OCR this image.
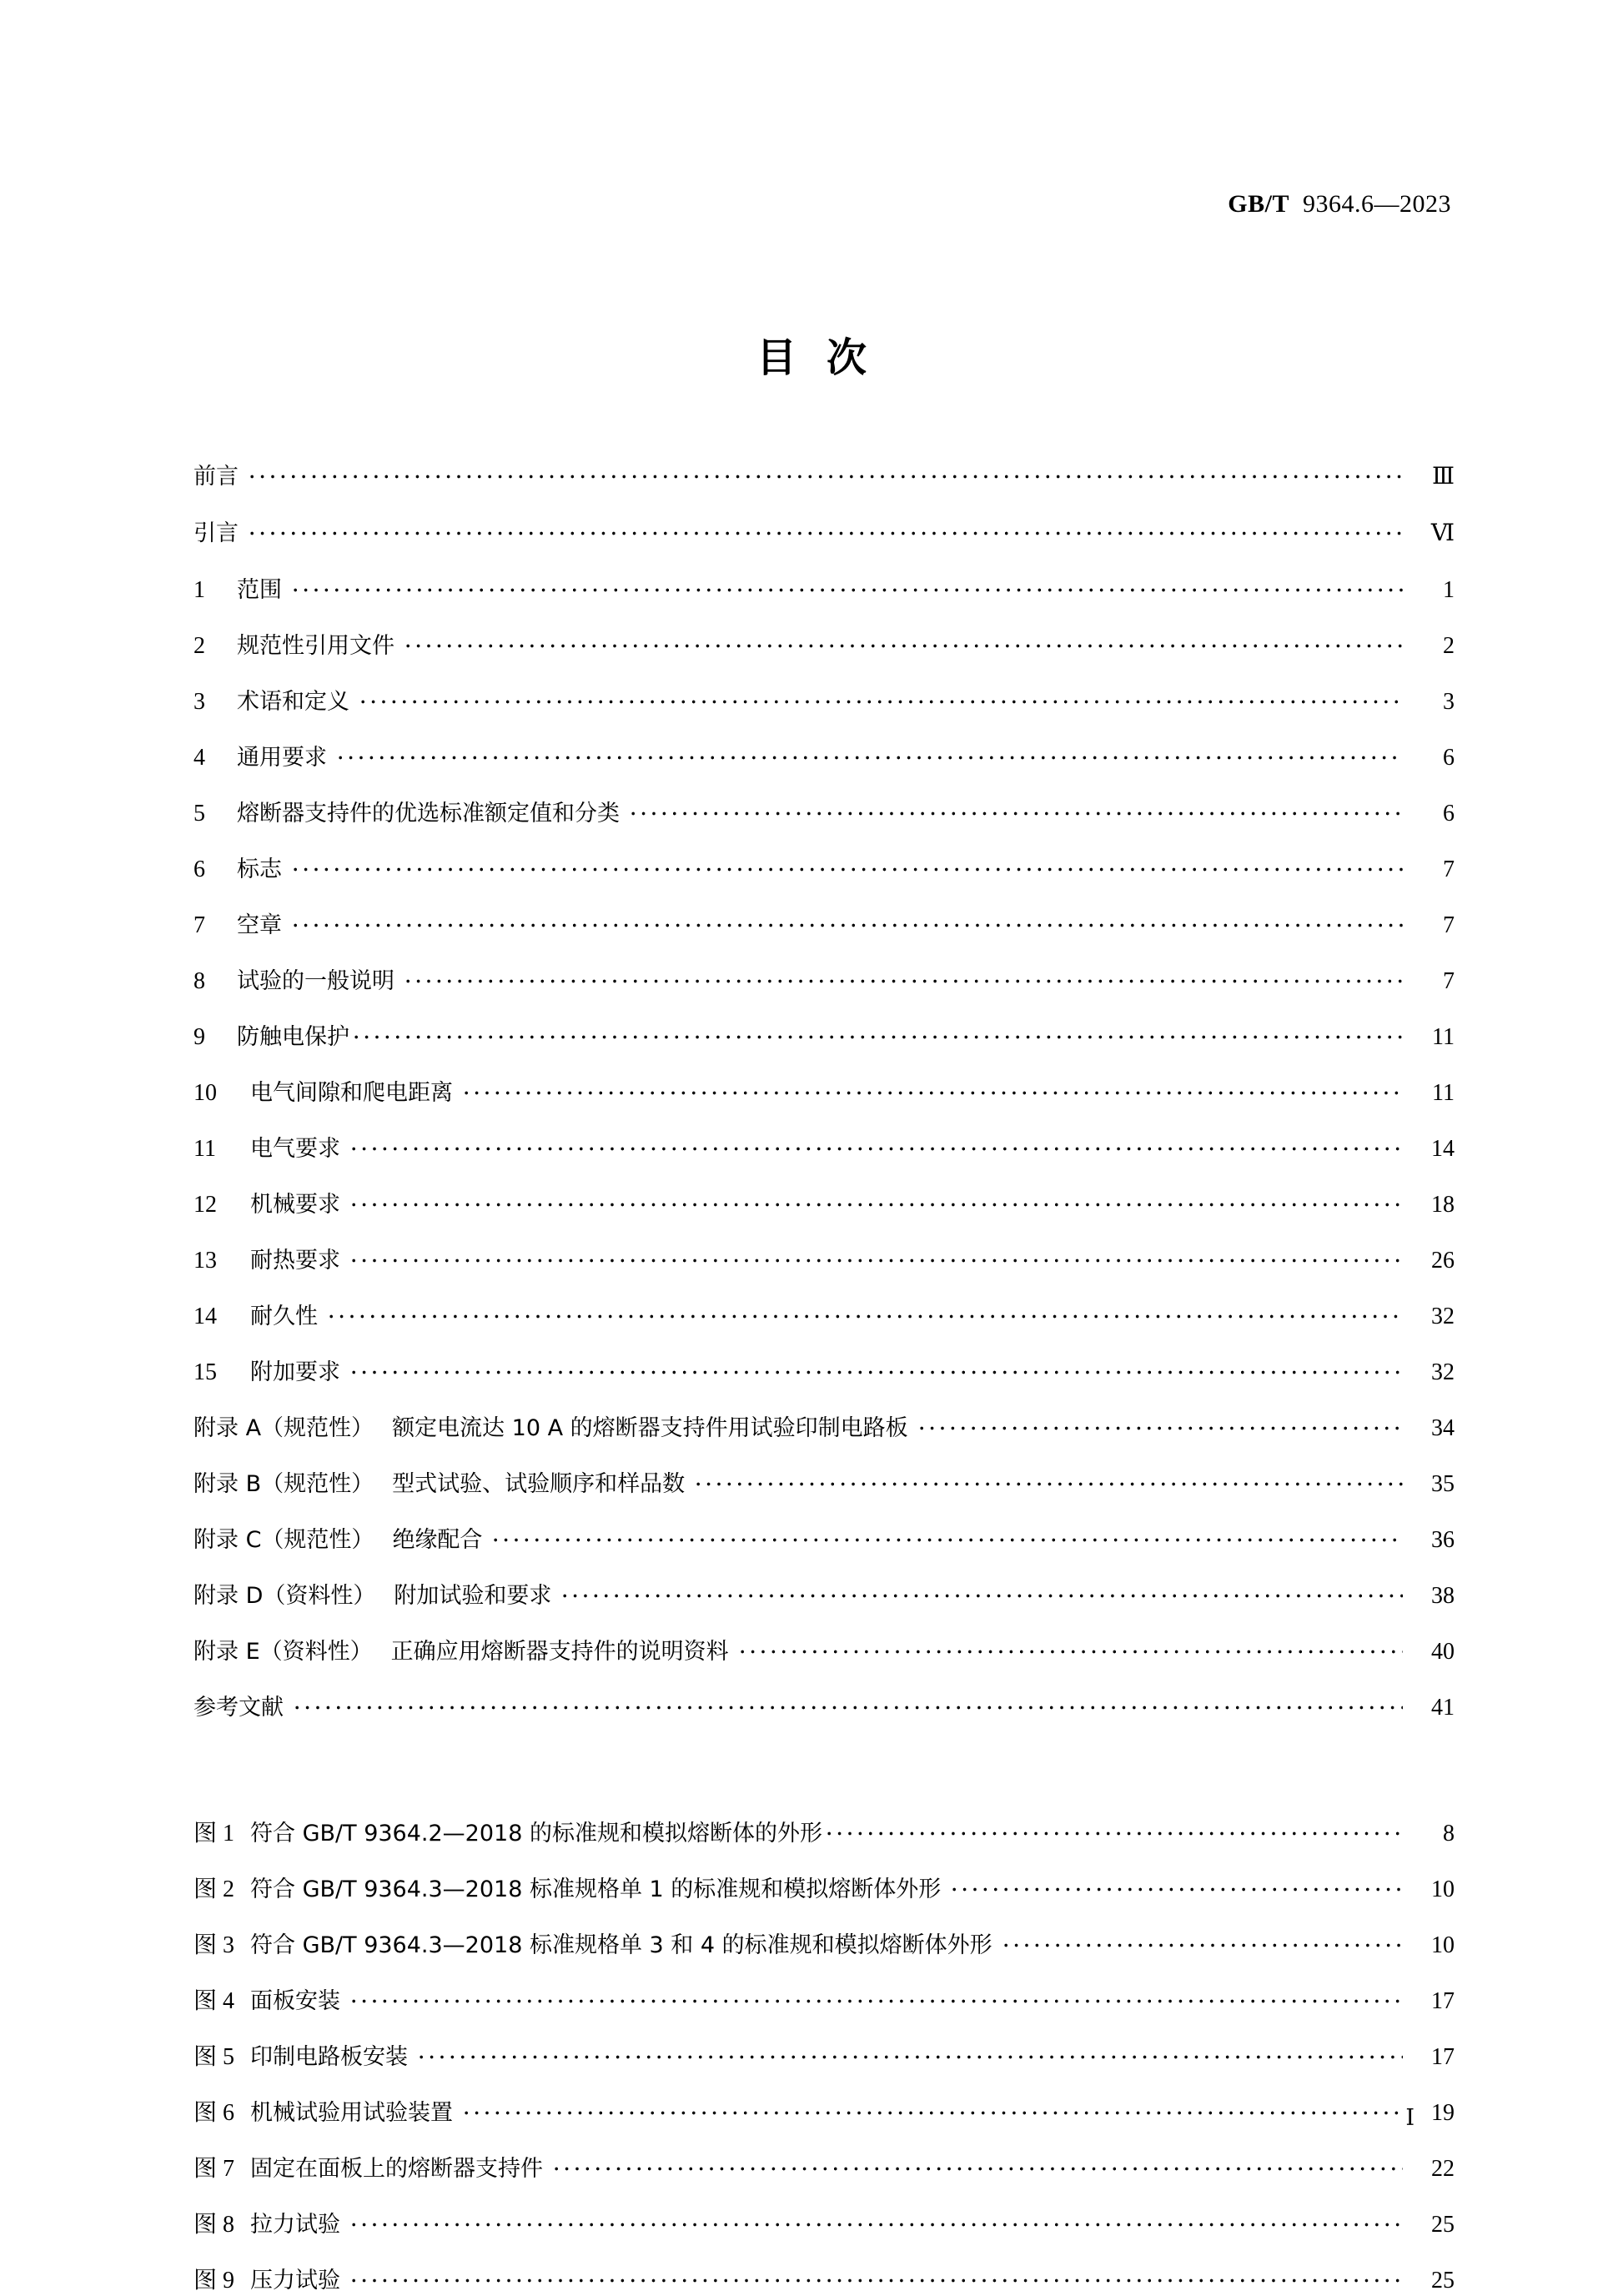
GB/T 9364.6—2023
目次
前言	Ⅲ
引言	Ⅵ
1	范围	1
2	规范性引用文件	2
3	术语和定义	3
4	通用要求	6
5	熔断器支持件的优选标准额定值和分类	6
6	标志	7
7	空章	7
8	试验的一般说明	7
9	防触电保护	11
10	电气间隙和爬电距离	11
11	电气要求	14
12	机械要求	18
13	耐热要求	26
14	耐久性	32
15	附加要求	32
附录 A（规范性） 额定电流达 10 A 的熔断器支持件用试验印制电路板	34
附录 B（规范性） 型式试验、试验顺序和样品数	35
附录 C（规范性） 绝缘配合	36
附录 D（资料性） 附加试验和要求	38
附录 E（资料性） 正确应用熔断器支持件的说明资料	40
参考文献	41
图 1 符合 GB/T 9364.2—2018 的标准规和模拟熔断体的外形	8
图 2 符合 GB/T 9364.3—2018 标准规格单 1 的标准规和模拟熔断体外形	10
图 3 符合 GB/T 9364.3—2018 标准规格单 3 和 4 的标准规和模拟熔断体外形	10
图 4 面板安装	17
图 5 印制电路板安装	17
图 6 机械试验用试验装置	19
图 7 固定在面板上的熔断器支持件	22
图 8 拉力试验	25
图 9 压力试验	25
Ⅰ
